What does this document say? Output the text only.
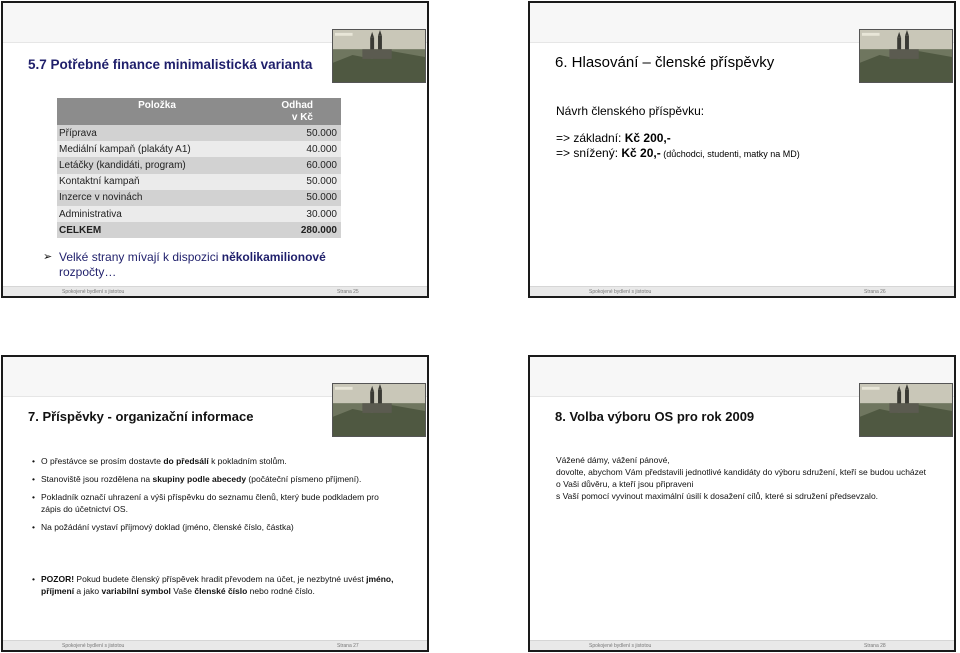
5.7 Potřebné finance minimalistická varianta
Položka	Odhad
v Kč
Příprava	50.000
Mediální kampaň (plakáty A1)	40.000
Letáčky (kandidáti, program)	60.000
Kontaktní kampaň	50.000
Inzerce v novinách	50.000
Administrativa	30.000
CELKEM	280.000
➢ Velké strany mívají k dispozici několikamilionové rozpočty…
Spokojené bydlení s jistotou	Strana 25
6. Hlasování – členské příspěvky
Návrh členského příspěvku:
=> základní: Kč 200,-
=> snížený: Kč 20,- (důchodci, studenti, matky na MD)
Spokojené bydlení s jistotou	Strana 26
7. Příspěvky - organizační informace
• O přestávce se prosím dostavte do předsálí k pokladním stolům.
• Stanoviště jsou rozdělena na skupiny podle abecedy (počáteční písmeno příjmení).
• Pokladník označí uhrazení a výši příspěvku do seznamu členů, který bude podkladem pro zápis do účetnictví OS.
• Na požádání vystaví příjmový doklad (jméno, členské číslo, částka)
• POZOR! Pokud budete členský příspěvek hradit převodem na účet, je nezbytné uvést jméno, příjmení a jako variabilní symbol Vaše členské číslo nebo rodné číslo.
Spokojené bydlení s jistotou	Strana 27
8. Volba výboru OS pro rok 2009

Vážené dámy, vážení pánové,

dovolte, abychom Vám představili jednotlivé kandidáty do výboru sdružení, kteří se budou ucházet o Vaši důvěru, a kteří jsou připraveni

s Vaší pomocí vyvinout maximální úsilí k dosažení cílů, které si sdružení předsevzalo.

Spokojené bydlení s jistotou	Strana 28
